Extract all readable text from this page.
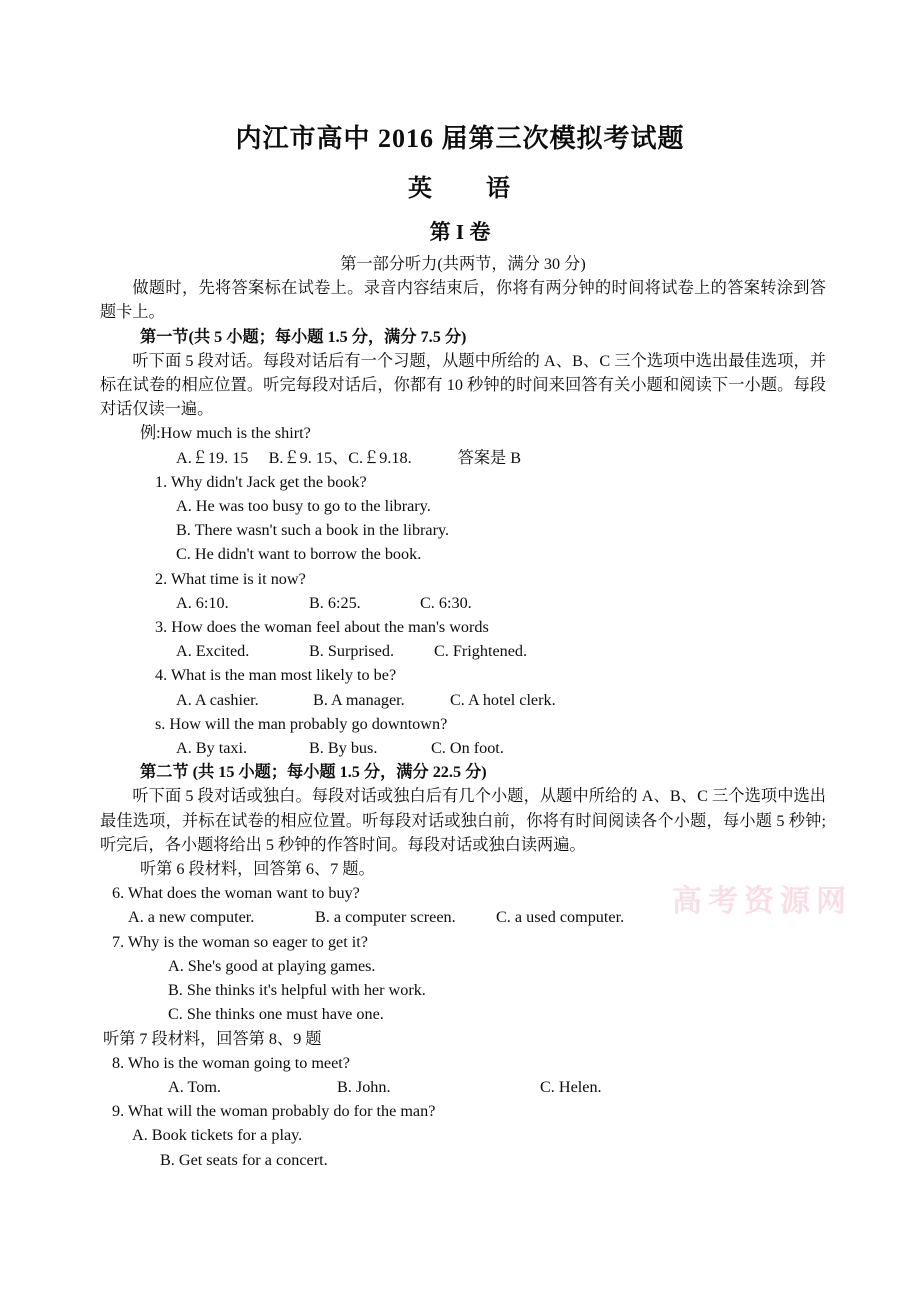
高考资源网
内江市高中 2016 届第三次模拟考试题
英　　语
第 I 卷
第一部分听力(共两节，满分 30 分)
做题时，先将答案标在试卷上。录音内容结束后，你将有两分钟的时间将试卷上的答案转涂到答题卡上。
第一节(共 5 小题；每小题 1.5 分，满分 7.5 分)
听下面 5 段对话。每段对话后有一个习题，从题中所给的 A、B、C 三个选项中选出最佳选项，并标在试卷的相应位置。听完每段对话后，你都有 10 秒钟的时间来回答有关小题和阅读下一小题。每段对话仅读一遍。
例:How much is the shirt?
A.￡19. 15     B.￡9. 15、C.￡9.18.	答案是 B
1. Why didn't Jack get the book?
A. He was too busy to go to the library.
B. There wasn't such a book in the library.
C. He didn't want to borrow the book.
2. What time is it now?
A. 6:10.	B. 6:25.	C. 6:30.
3. How does the woman feel about the man's words
A. Excited.	B. Surprised. C. Frightened.
4. What is the man most likely to be?
A. A cashier.	B. A manager.	C. A hotel clerk.
s. How will the man probably go downtown?
A. By taxi.	B. By bus.	C. On foot.
第二节 (共 15 小题；每小题 1.5 分，满分 22.5 分)
听下面 5 段对话或独白。每段对话或独白后有几个小题，从题中所给的 A、B、C 三个选项中选出最佳选项，并标在试卷的相应位置。听每段对话或独白前，你将有时间阅读各个小题，每小题 5 秒钟;听完后，各小题将给出 5 秒钟的作答时间。每段对话或独白读两遍。
听第 6 段材料，回答第 6、7 题。
6. What does the woman want to buy?
A. a new computer.	B. a computer screen. C. a used computer.
7. Why is the woman so eager to get it?
A. She's good at playing games.
B. She thinks it's helpful with her work.
C. She thinks one must have one.
听第 7 段材料，回答第 8、9 题
8. Who is the woman going to meet?
A. Tom.	B. John.	C. Helen.
9. What will the woman probably do for the man?
A. Book tickets for a play.
B. Get seats for a concert.
